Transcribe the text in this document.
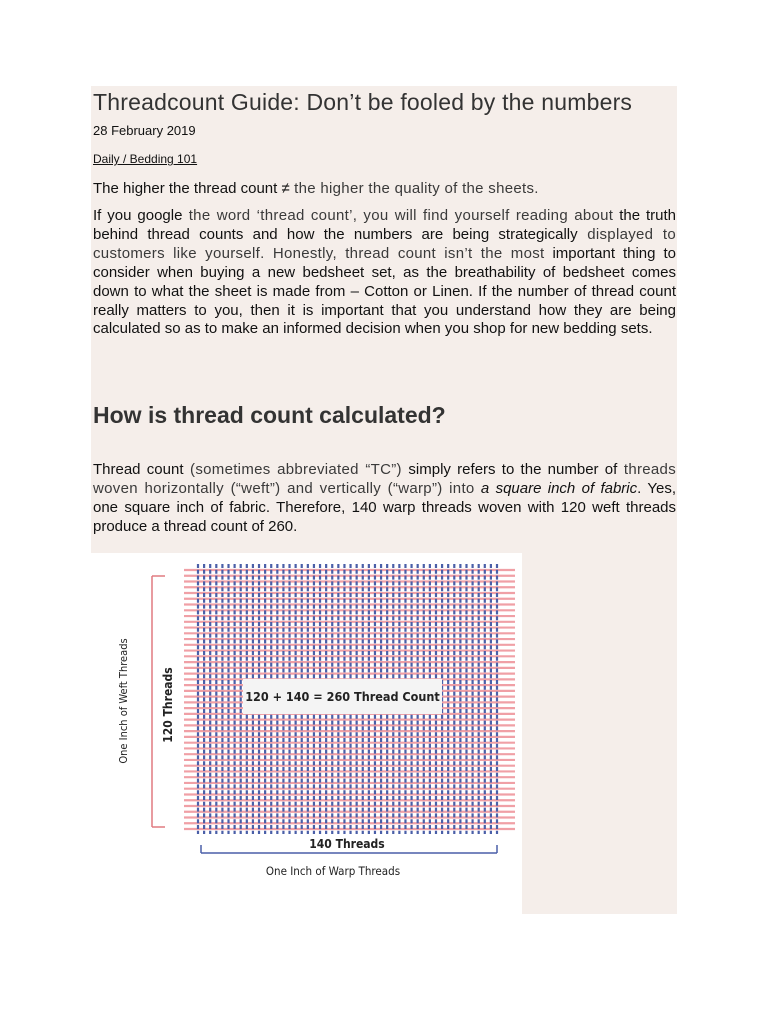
Threadcount Guide: Don’t be fooled by the numbers
28 February 2019
Daily / Bedding 101
The higher the thread count ≠ the higher the quality of the sheets.
If you google the word ‘thread count’, you will find yourself reading about the truth behind thread counts and how the numbers are being strategically displayed to customers like yourself. Honestly, thread count isn’t the most important thing to consider when buying a new bedsheet set, as the breathability of bedsheet comes down to what the sheet is made from – Cotton or Linen. If the number of thread count really matters to you, then it is important that you understand how they are being calculated so as to make an informed decision when you shop for new bedding sets.
How is thread count calculated?
Thread count (sometimes abbreviated “TC”) simply refers to the number of threads woven horizontally (“weft”) and vertically (“warp”) into a square inch of fabric. Yes, one square inch of fabric. Therefore, 140 warp threads woven with 120 weft threads produce a thread count of 260.
120 + 140 = 260 Thread Count
One Inch of Weft Threads	120 Threads
140 Threads
One Inch of Warp Threads
